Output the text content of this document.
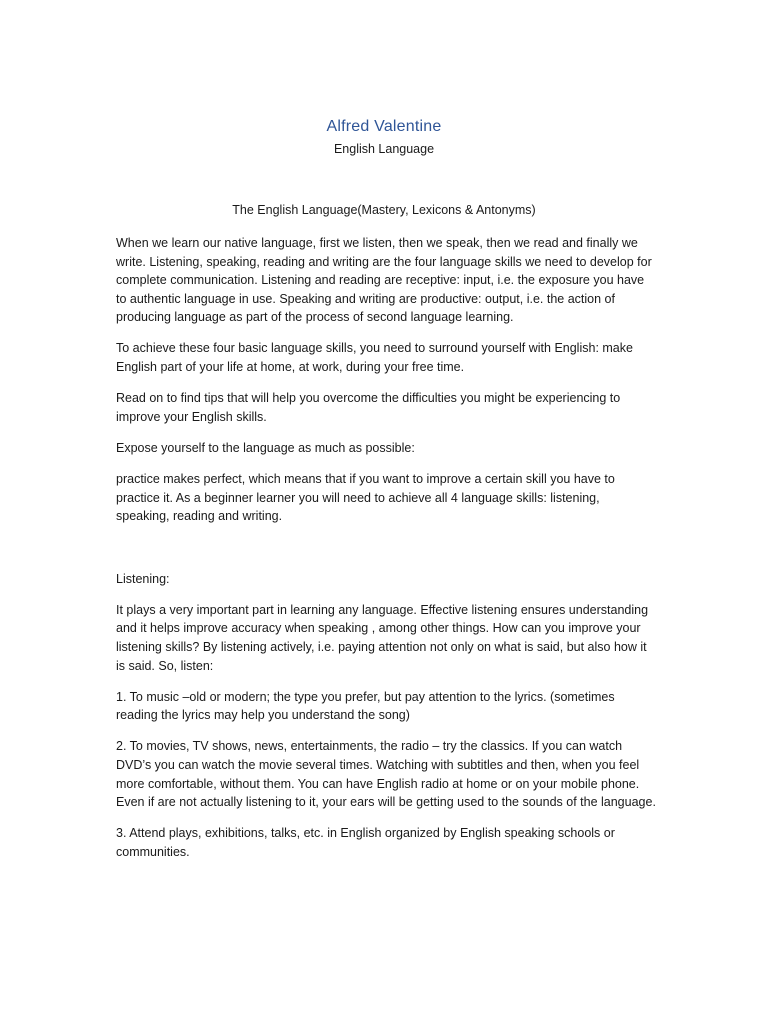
Alfred Valentine
English Language
The English Language(Mastery, Lexicons & Antonyms)

When we learn our native language, first we listen, then we speak, then we read and finally we write. Listening, speaking, reading and writing are the four language skills we need to develop for complete communication. Listening and reading are receptive: input, i.e. the exposure you have to authentic language in use. Speaking and writing are productive: output, i.e. the action of producing language as part of the process of second language learning.

To achieve these four basic language skills, you need to surround yourself with English: make English part of your life at home, at work, during your free time.

Read on to find tips that will help you overcome the difficulties you might be experiencing to improve your English skills.

Expose yourself to the language as much as possible:

practice makes perfect, which means that if you want to improve a certain skill you have to practice it. As a beginner learner you will need to achieve all 4 language skills: listening, speaking, reading and writing.

Listening:

It plays a very important part in learning any language. Effective listening ensures understanding and it helps improve accuracy when speaking , among other things. How can you improve your listening skills? By listening actively, i.e. paying attention not only on what is said, but also how it is said. So, listen:

1. To music –old or modern; the type you prefer, but pay attention to the lyrics. (sometimes reading the lyrics may help you understand the song)

2. To movies, TV shows, news, entertainments, the radio – try the classics. If you can watch DVD’s you can watch the movie several times. Watching with subtitles and then, when you feel more comfortable, without them. You can have English radio at home or on your mobile phone. Even if are not actually listening to it, your ears will be getting used to the sounds of the language.

3. Attend plays, exhibitions, talks, etc. in English organized by English speaking schools or communities.
